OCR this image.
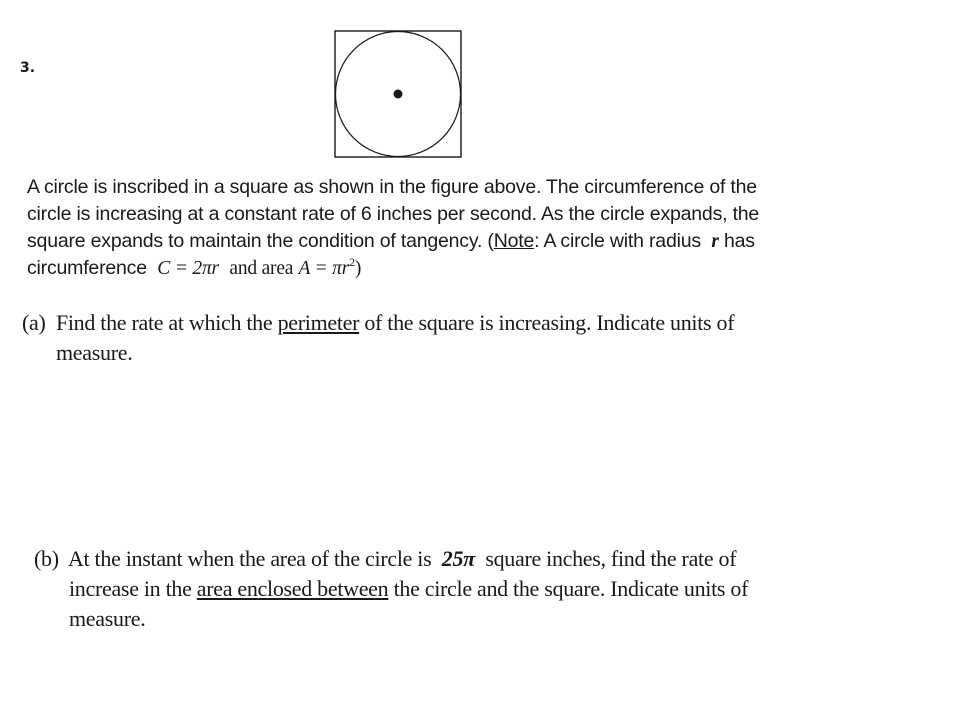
3.
A circle is inscribed in a square as shown in the figure above. The circumference of the
circle is increasing at a constant rate of 6 inches per second. As the circle expands, the
square expands to maintain the condition of tangency. (Note: A circle with radius r has
circumference C = 2πr and area $A = \pi r^2$)
(a) Find the rate at which the perimeter of the square is increasing. Indicate units of
measure.
(b) At the instant when the area of the circle is 25π square inches, find the rate of
increase in the area enclosed between the circle and the square. Indicate units of
measure.
